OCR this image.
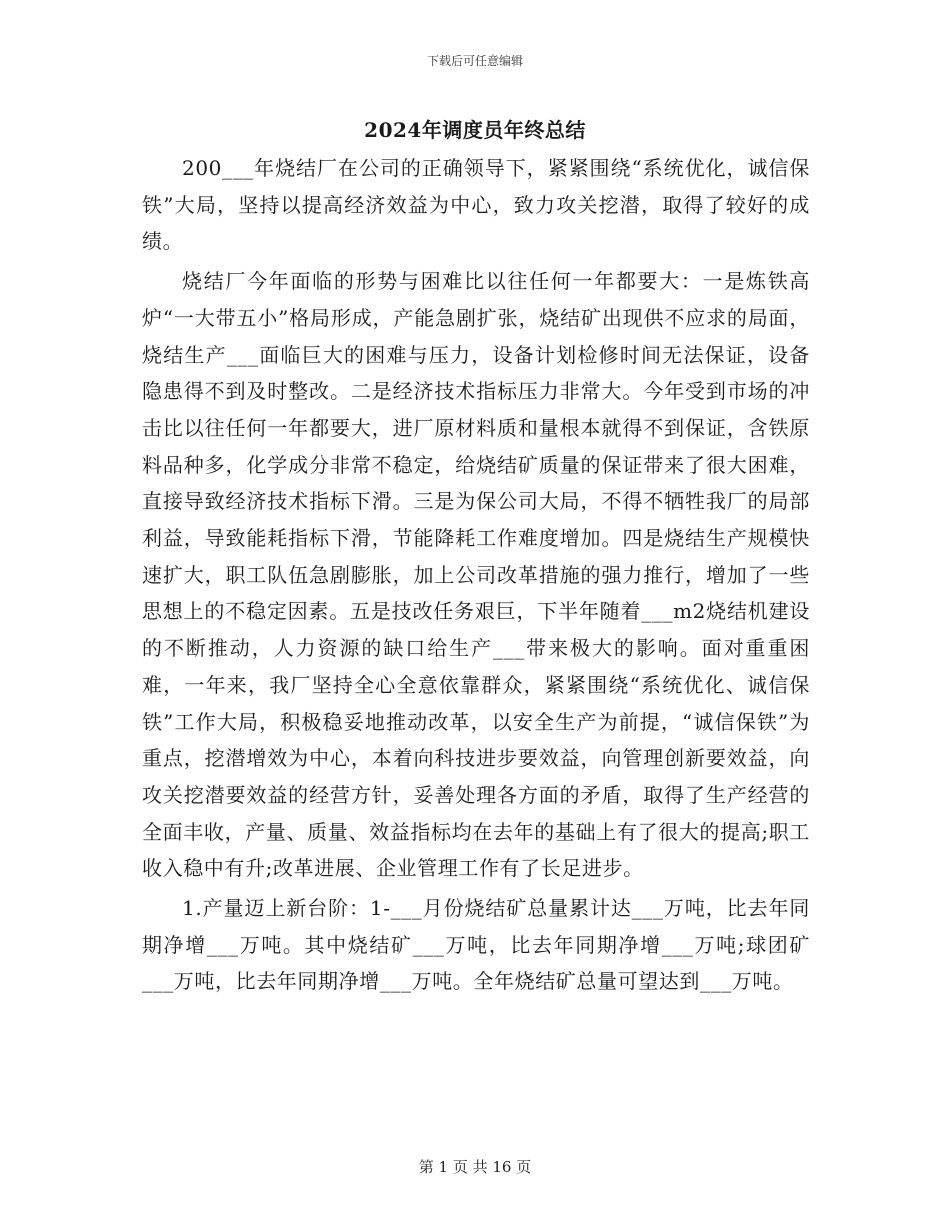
下载后可任意编辑
2024年调度员年终总结

200___年烧结厂在公司的正确领导下，紧紧围绕“系统优化，诚信保铁”大局，坚持以提高经济效益为中心，致力攻关挖潜，取得了较好的成绩。

烧结厂今年面临的形势与困难比以往任何一年都要大：一是炼铁高炉“一大带五小”格局形成，产能急剧扩张，烧结矿出现供不应求的局面，烧结生产___面临巨大的困难与压力，设备计划检修时间无法保证，设备隐患得不到及时整改。二是经济技术指标压力非常大。今年受到市场的冲击比以往任何一年都要大，进厂原材料质和量根本就得不到保证，含铁原料品种多，化学成分非常不稳定，给烧结矿质量的保证带来了很大困难，直接导致经济技术指标下滑。三是为保公司大局，不得不牺牲我厂的局部利益，导致能耗指标下滑，节能降耗工作难度增加。四是烧结生产规模快速扩大，职工队伍急剧膨胀，加上公司改革措施的强力推行，增加了一些思想上的不稳定因素。五是技改任务艰巨，下半年随着___m2烧结机建设的不断推动，人力资源的缺口给生产___带来极大的影响。面对重重困难，一年来，我厂坚持全心全意依靠群众，紧紧围绕“系统优化、诚信保铁”工作大局，积极稳妥地推动改革，以安全生产为前提，“诚信保铁”为重点，挖潜增效为中心，本着向科技进步要效益，向管理创新要效益，向攻关挖潜要效益的经营方针，妥善处理各方面的矛盾，取得了生产经营的全面丰收，产量、质量、效益指标均在去年的基础上有了很大的提高;职工收入稳中有升;改革进展、企业管理工作有了长足进步。

1.产量迈上新台阶：1-___月份烧结矿总量累计达___万吨，比去年同期净增___万吨。其中烧结矿___万吨，比去年同期净增___万吨;球团矿___万吨，比去年同期净增___万吨。全年烧结矿总量可望达到___万吨。

第 1 页 共 16 页
